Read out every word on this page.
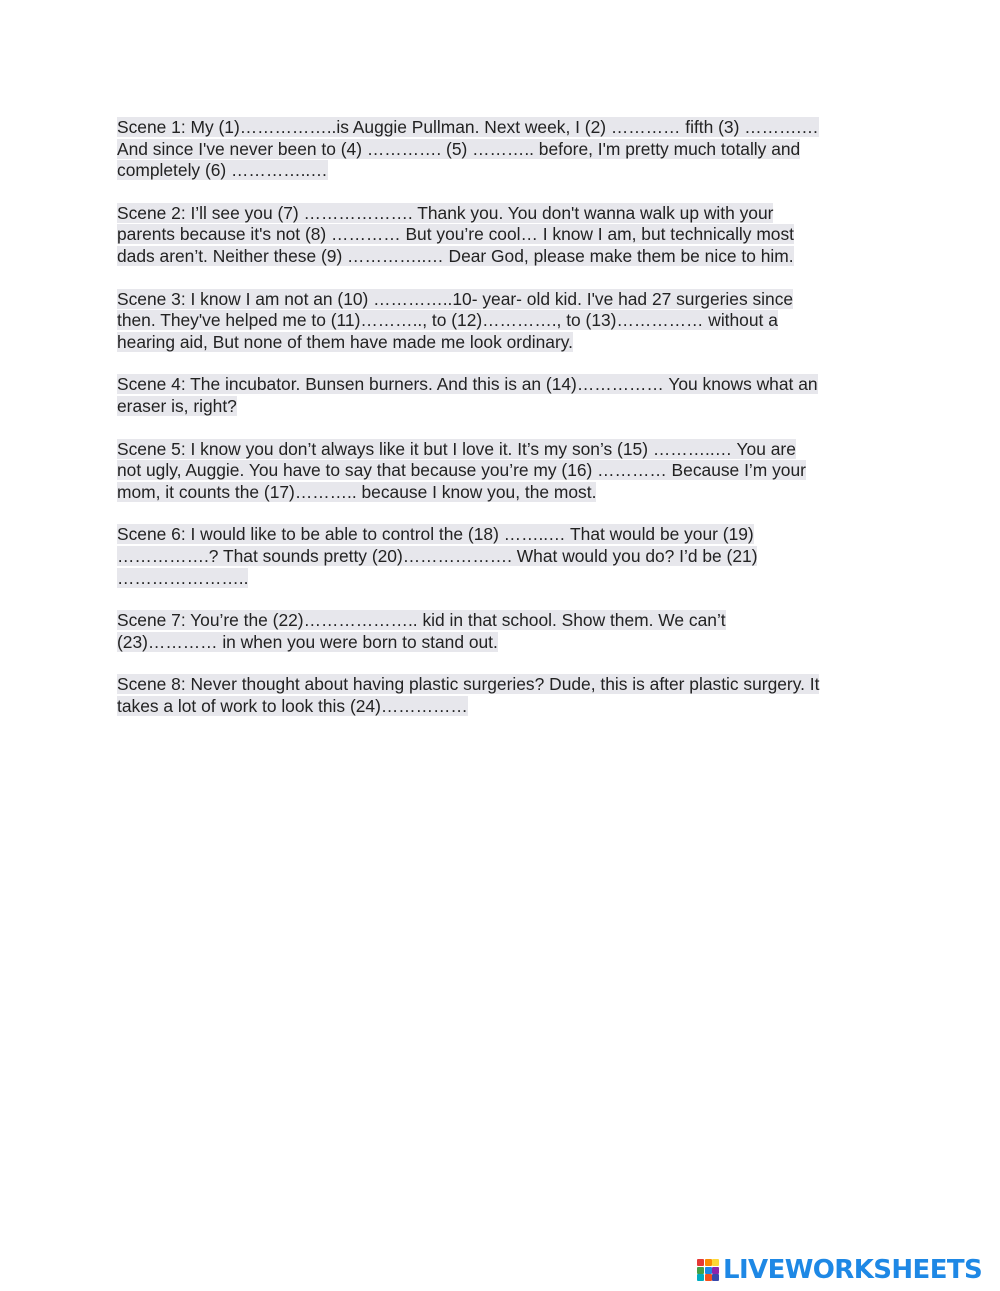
Scene 1: My (1)……………..is Auggie Pullman. Next week, I (2) ………… fifth (3) ……….…
And since I've never been to (4) …………. (5) ……….. before, I'm pretty much totally and
completely (6) …………..…
Scene 2: I’ll see you (7) ………………. Thank you. You don't wanna walk up with your
parents because it's not (8) ………… But you’re cool… I know I am, but technically most
dads aren’t. Neither these (9) …………..… Dear God, please make them be nice to him.
Scene 3: I know I am not an (10) …………..10- year- old kid. I've had 27 surgeries since
then. They've helped me to (11)……….., to (12)…………., to (13)…………… without a
hearing aid, But none of them have made me look ordinary.
Scene 4: The incubator. Bunsen burners. And this is an (14)…………… You knows what an
eraser is, right?
Scene 5: I know you don’t always like it but I love it. It’s my son’s (15) ………..… You are
not ugly, Auggie. You have to say that because you’re my (16) ………… Because I’m your
mom, it counts the (17)……….. because I know you, the most.
Scene 6: I would like to be able to control the (18) ……..… That would be your (19)
…………….? That sounds pretty (20)………………. What would you do? I’d be (21)
…………………..
Scene 7: You’re the (22)……………….. kid in that school. Show them. We can’t
(23)………… in when you were born to stand out.
Scene 8: Never thought about having plastic surgeries? Dude, this is after plastic surgery. It
takes a lot of work to look this (24)……………
LIVEWORKSHEETS
